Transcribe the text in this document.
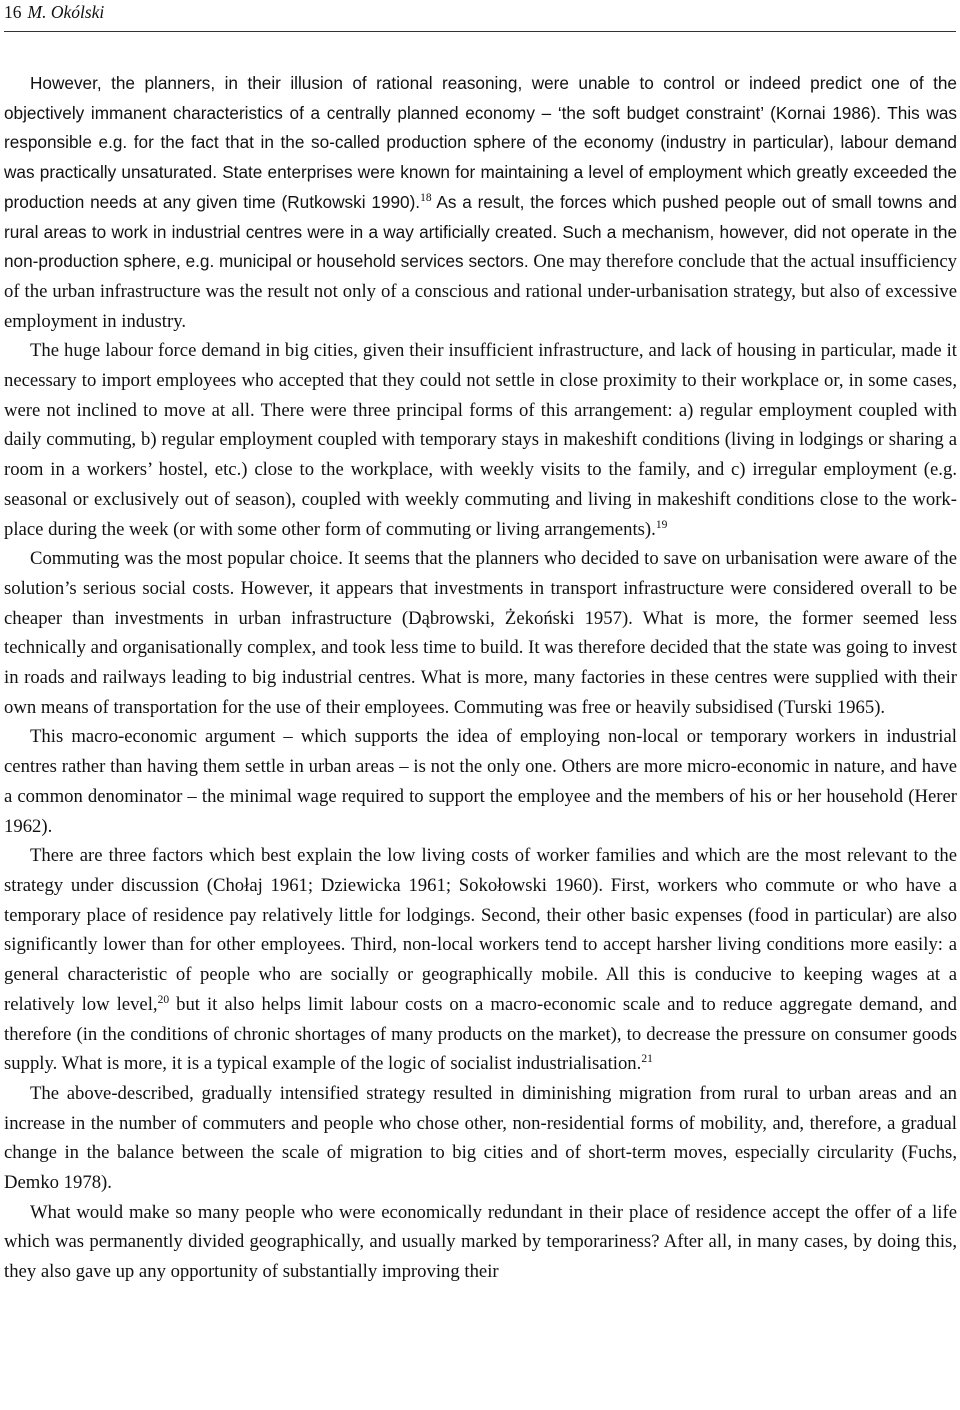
16 M. Okólski

However, the planners, in their illusion of rational reasoning, were unable to control or indeed predict one of the objectively immanent characteristics of a centrally planned economy – ‘the soft budget constraint’ (Kornai 1986). This was responsible e.g. for the fact that in the so-called production sphere of the economy (industry in particular), labour demand was practically unsaturated. State enterprises were known for maintaining a level of employment which greatly exceeded the production needs at any given time (Rutkowski 1990).$^{18}$ As a result, the forces which pushed people out of small towns and rural areas to work in industrial centres were in a way artificially created. Such a mechanism, however, did not operate in the non-production sphere, e.g. municipal or household services sectors. One may therefore conclude that the actual insufficiency of the urban infrastructure was the result not only of a conscious and rational under-urbanisation strategy, but also of excessive employment in industry.

The huge labour force demand in big cities, given their insufficient infrastructure, and lack of housing in particular, made it necessary to import employees who accepted that they could not settle in close proximity to their workplace or, in some cases, were not inclined to move at all. There were three principal forms of this arrangement: a) regular employment coupled with daily commuting, b) regular employment coupled with temporary stays in makeshift conditions (living in lodgings or sharing a room in a workers’ hostel, etc.) close to the workplace, with weekly visits to the family, and c) irregular employment (e.g. seasonal or exclusively out of season), coupled with weekly commuting and living in makeshift conditions close to the workplace during the week (or with some other form of commuting or living arrangements).$^{19}$

Commuting was the most popular choice. It seems that the planners who decided to save on urbanisation were aware of the solution’s serious social costs. However, it appears that investments in transport infrastructure were considered overall to be cheaper than investments in urban infrastructure (Dąbrowski, Żekoński 1957). What is more, the former seemed less technically and organisationally complex, and took less time to build. It was therefore decided that the state was going to invest in roads and railways leading to big industrial centres. What is more, many factories in these centres were supplied with their own means of transportation for the use of their employees. Commuting was free or heavily subsidised (Turski 1965).

This macro-economic argument – which supports the idea of employing non-local or temporary workers in industrial centres rather than having them settle in urban areas – is not the only one. Others are more micro-economic in nature, and have a common denominator – the minimal wage required to support the employee and the members of his or her household (Herer 1962).

There are three factors which best explain the low living costs of worker families and which are the most relevant to the strategy under discussion (Chołaj 1961; Dziewicka 1961; Sokołowski 1960). First, workers who commute or who have a temporary place of residence pay relatively little for lodgings. Second, their other basic expenses (food in particular) are also significantly lower than for other employees. Third, non-local workers tend to accept harsher living conditions more easily: a general characteristic of people who are socially or geographically mobile. All this is conducive to keeping wages at a relatively low level,$^{20}$ but it also helps limit labour costs on a macro-economic scale and to reduce aggregate demand, and therefore (in the conditions of chronic shortages of many products on the market), to decrease the pressure on consumer goods supply. What is more, it is a typical example of the logic of socialist industrialisation.$^{21}$

The above-described, gradually intensified strategy resulted in diminishing migration from rural to urban areas and an increase in the number of commuters and people who chose other, non-residential forms of mobility, and, therefore, a gradual change in the balance between the scale of migration to big cities and of short-term moves, especially circularity (Fuchs, Demko 1978).

What would make so many people who were economically redundant in their place of residence accept the offer of a life which was permanently divided geographically, and usually marked by temporariness? After all, in many cases, by doing this, they also gave up any opportunity of substantially improving their
